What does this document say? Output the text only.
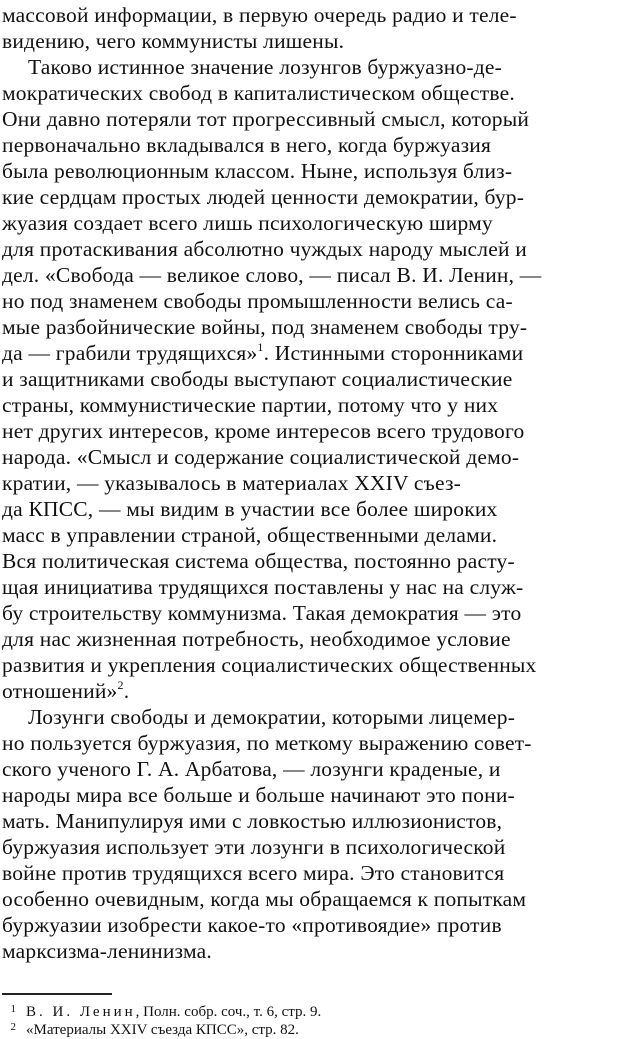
массовой информации, в первую очередь радио и теле-
видению, чего коммунисты лишены.
Таково истинное значение лозунгов буржуазно-де-
мократических свобод в капиталистическом обществе.
Они давно потеряли тот прогрессивный смысл, который
первоначально вкладывался в него, когда буржуазия
была революционным классом. Ныне, используя близ-
кие сердцам простых людей ценности демократии, бур-
жуазия создает всего лишь психологическую ширму
для протаскивания абсолютно чуждых народу мыслей и
дел. «Свобода — великое слово, — писал В. И. Ленин, —
но под знаменем свободы промышленности велись са-
мые разбойнические войны, под знаменем свободы тру-
да — грабили трудящихся»$^1$. Истинными сторонниками
и защитниками свободы выступают социалистические
страны, коммунистические партии, потому что у них
нет других интересов, кроме интересов всего трудового
народа. «Смысл и содержание социалистической демо-
кратии, — указывалось в материалах XXIV съез-
да КПСС, — мы видим в участии все более широких
масс в управлении страной, общественными делами.
Вся политическая система общества, постоянно расту-
щая инициатива трудящихся поставлены у нас на служ-
бу строительству коммунизма. Такая демократия — это
для нас жизненная потребность, необходимое условие
развития и укрепления социалистических общественных
отношений»$^2$.
Лозунги свободы и демократии, которыми лицемер-
но пользуется буржуазия, по меткому выражению совет-
ского ученого Г. А. Арбатова, — лозунги краденые, и
народы мира все больше и больше начинают это пони-
мать. Манипулируя ими с ловкостью иллюзионистов,
буржуазия использует эти лозунги в психологической
войне против трудящихся всего мира. Это становится
особенно очевидным, когда мы обращаемся к попыткам
буржуазии изобрести какое-то «противоядие» против
марксизма-ленинизма.
1 В. И. Ленин, Полн. собр. соч., т. 6, стр. 9.
2 «Материалы XXIV съезда КПСС», стр. 82.
